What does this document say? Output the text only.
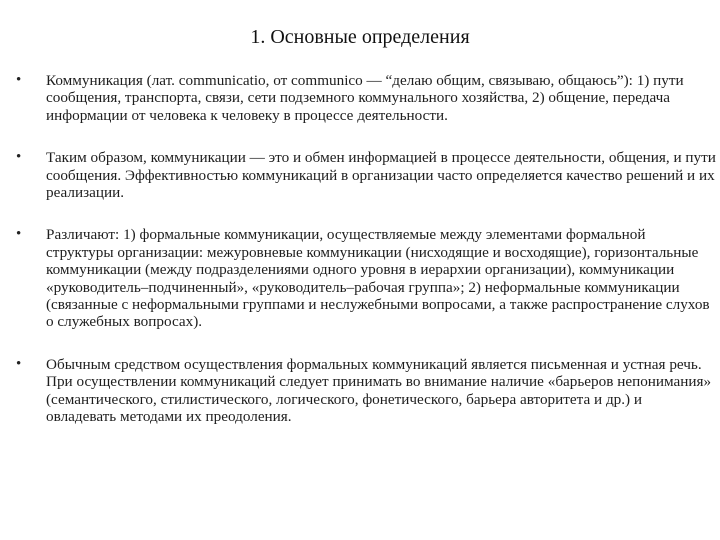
1. Основные определения
• Коммуникация (лат. communicatio, от communico — “делаю общим, связываю, общаюсь”): 1) пути сообщения, транспорта, связи, сети подземного коммунального хозяйства, 2) общение, передача информации от человека к человеку в процессе деятельности.
• Таким образом, коммуникации — это и обмен информацией в процессе деятельности, общения, и пути сообщения. Эффективностью коммуникаций в организации часто определяется качество решений и их реализации.
• Различают: 1) формальные коммуникации, осуществляемые между элементами формальной структуры организации: межуровневые коммуникации (нисходящие и восходящие), горизонтальные коммуникации (между подразделениями одного уровня в иерархии организации), коммуникации «руководитель–подчиненный», «руководитель–рабочая группа»; 2) неформальные коммуникации (связанные с неформальными группами и неслужебными вопросами, а также распространение слухов о служебных вопросах).
• Обычным средством осуществления формальных коммуникаций является письменная и устная речь. При осуществлении коммуникаций следует принимать во внимание наличие «барьеров непонимания» (семантического, стилистического, логического, фонетического, барьера авторитета и др.) и овладевать методами их преодоления.
